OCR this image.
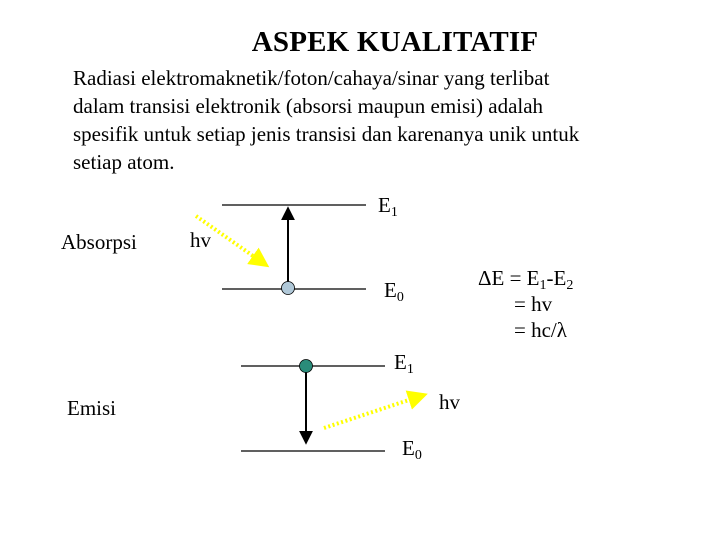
ASPEK KUALITATIF
Radiasi elektromaknetik/foton/cahaya/sinar yang terlibat
dalam transisi elektronik (absorsi maupun emisi) adalah
spesifik untuk setiap jenis transisi dan karenanya unik untuk
setiap atom.
Absorpsi	hv
$E_1$
$E_0$
$\Delta E = E_1-E_2$
= hv
= hc/λ
$E_1$
Emisi	hv
$E_0$
